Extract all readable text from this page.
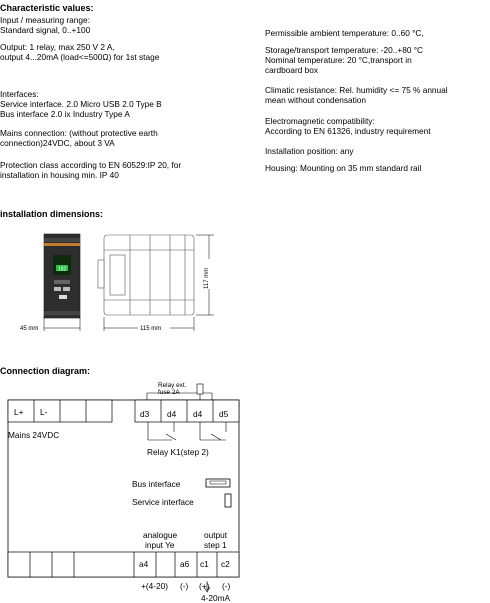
Characteristic values:
Input / measuring range:
Standard signal, 0..+100
Output: 1 relay, max 250 V 2 A,
output 4...20mA (load<=500Ω) for 1st stage
Interfaces:
Service interface. 2.0 Micro USB 2.0 Type B
Bus interface 2.0 ix Industry Type A
Mains connection: (without protective earth
connection)24VDC, about 3 VA
Protection class according to EN 60529:IP 20, for
installation in housing min. IP 40
Permissible ambient temperature: 0..60 °C,
Storage/transport temperature: -20..+80 °C
Nominal temperature: 20 °C,transport in
cardboard box
Climatic resistance: Rel. humidity <= 75 % annual
mean without condensation
Electromagnetic compatibility:
According to EN 61326, industry requirement
Installation position: any
Housing: Mounting on 35 mm standard rail
installation dimensions:
182
45 mm	115 mm
117 mm
Connection diagram:
Relay ext.
fuse 2A
L+ L-
Mains 24VDC
d3 d4 d4 d5
Relay K1(step 2)
Bus interface
Service interface
analogue
input Ye
output
step 1
a4	a6 c1 c2
+(4-20) (-) (+) (-)
4-20mA
